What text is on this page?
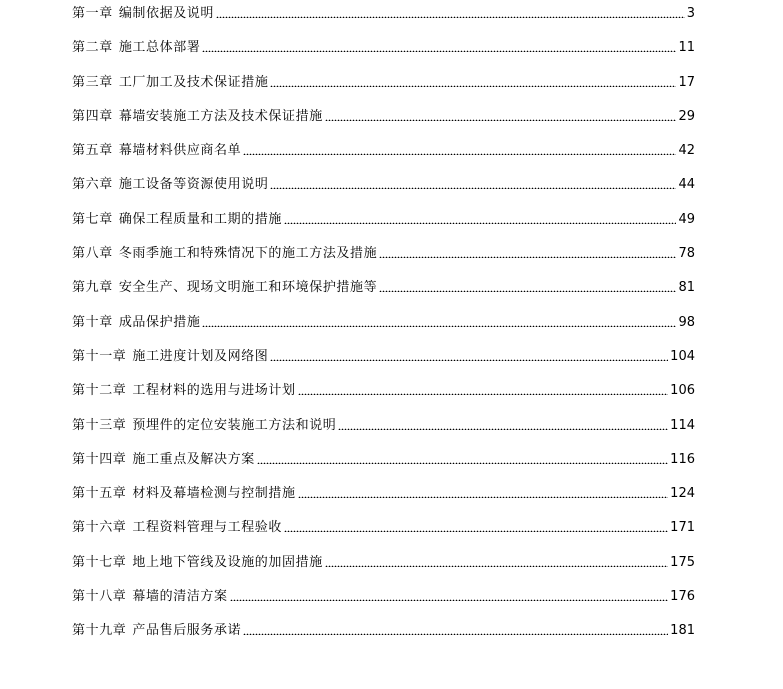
第一章 编制依据及说明	3
第二章 施工总体部署	11
第三章 工厂加工及技术保证措施	17
第四章 幕墙安装施工方法及技术保证措施	29
第五章 幕墙材料供应商名单	42
第六章 施工设备等资源使用说明	44
第七章 确保工程质量和工期的措施	49
第八章 冬雨季施工和特殊情况下的施工方法及措施	78
第九章 安全生产、现场文明施工和环境保护措施等	81
第十章 成品保护措施	98
第十一章 施工进度计划及网络图	104
第十二章 工程材料的选用与进场计划	106
第十三章 预埋件的定位安装施工方法和说明	114
第十四章 施工重点及解决方案	116
第十五章 材料及幕墙检测与控制措施	124
第十六章 工程资料管理与工程验收	171
第十七章 地上地下管线及设施的加固措施	175
第十八章 幕墙的清洁方案	176
第十九章 产品售后服务承诺	181
